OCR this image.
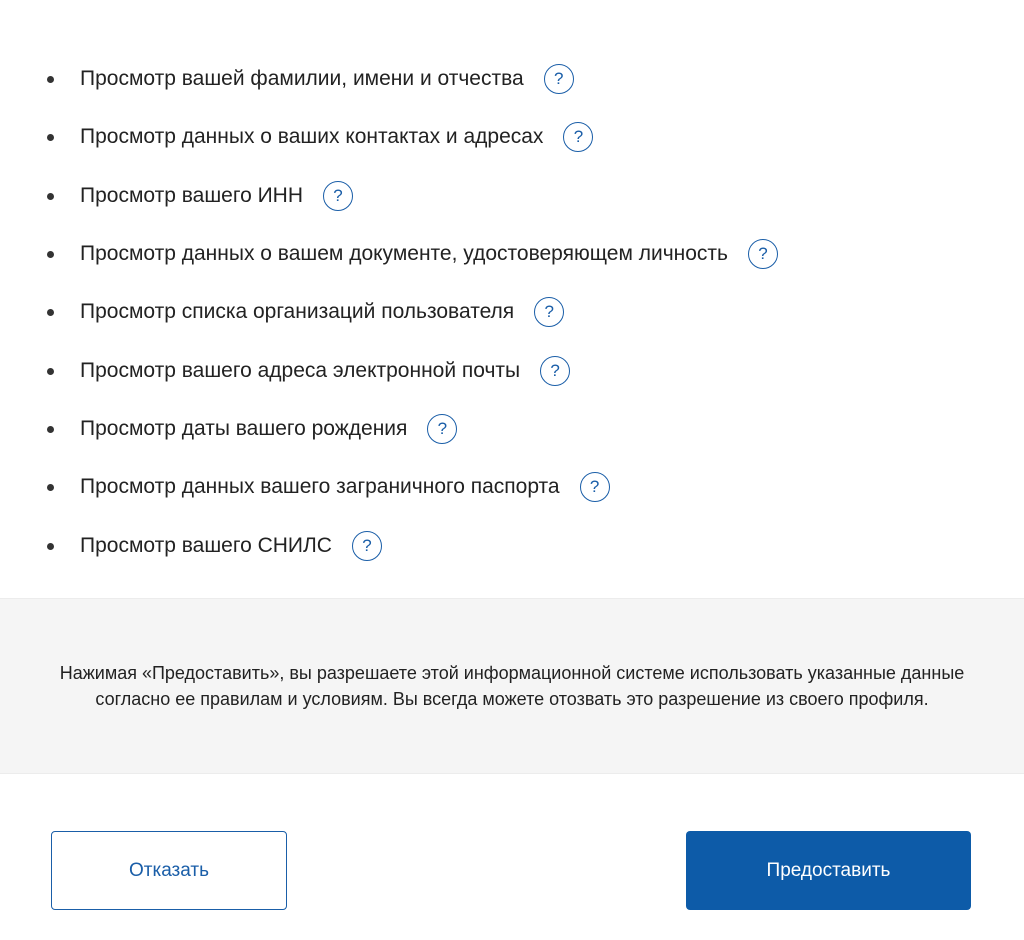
Просмотр вашей фамилии, имени и отчества	?
Просмотр данных о ваших контактах и адресах	?
Просмотр вашего ИНН	?
Просмотр данных о вашем документе, удостоверяющем личность	?
Просмотр списка организаций пользователя	?
Просмотр вашего адреса электронной почты	?
Просмотр даты вашего рождения	?
Просмотр данных вашего заграничного паспорта	?
Просмотр вашего СНИЛС	?

Нажимая «Предоставить», вы разрешаете этой информационной системе использовать указанные данные согласно ее правилам и условиям. Вы всегда можете отозвать это разрешение из своего профиля.

Отказать	Предоставить
